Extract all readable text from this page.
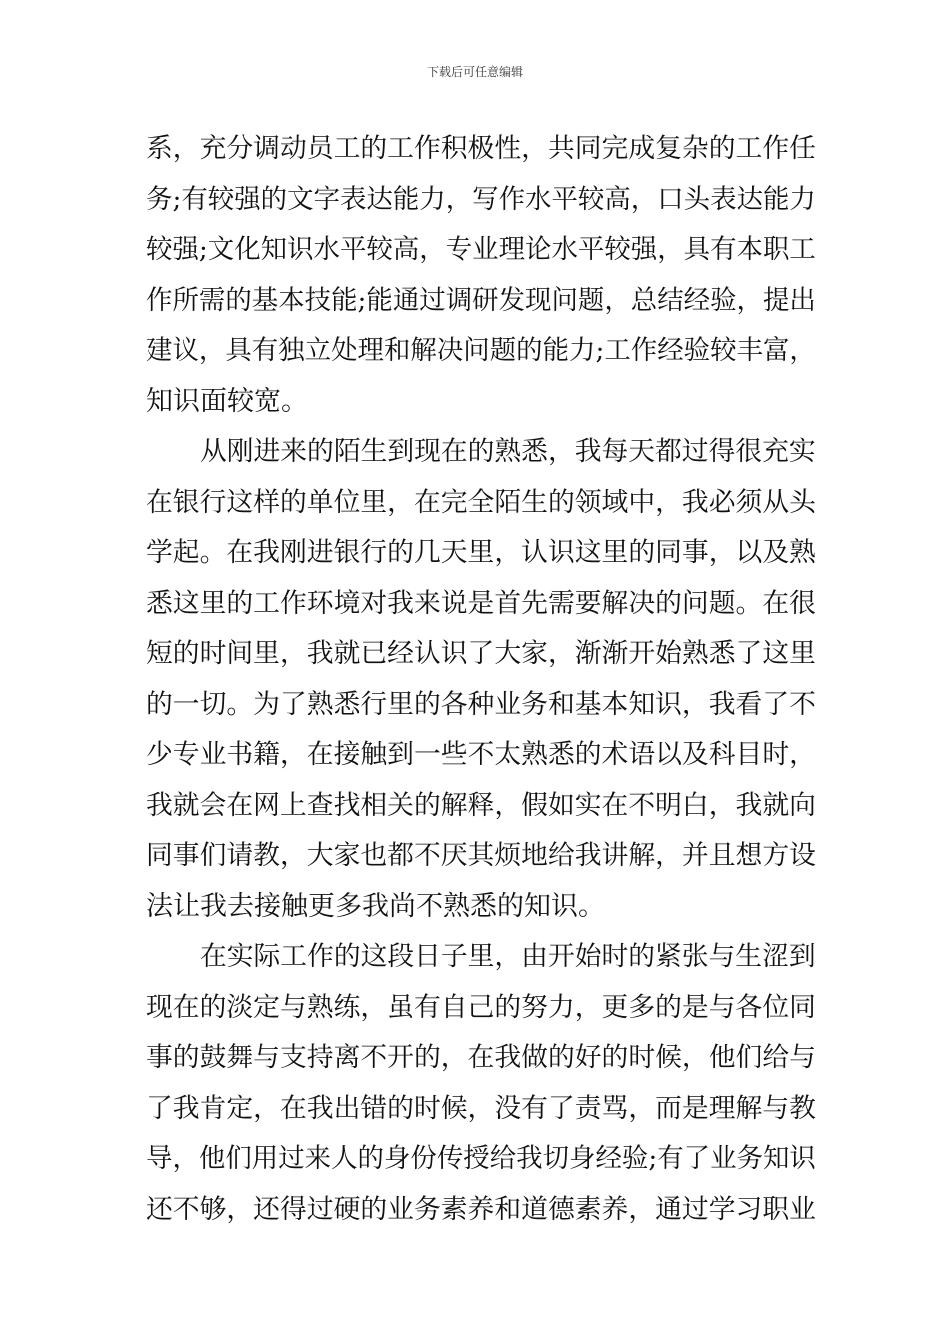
下载后可任意编辑
系，充分调动员工的工作积极性，共同完成复杂的工作任
务;有较强的文字表达能力，写作水平较高，口头表达能力
较强;文化知识水平较高，专业理论水平较强，具有本职工
作所需的基本技能;能通过调研发现问题，总结经验，提出
建议，具有独立处理和解决问题的能力;工作经验较丰富，
知识面较宽。
从刚进来的陌生到现在的熟悉，我每天都过得很充实
在银行这样的单位里，在完全陌生的领域中，我必须从头
学起。在我刚进银行的几天里，认识这里的同事，以及熟
悉这里的工作环境对我来说是首先需要解决的问题。在很
短的时间里，我就已经认识了大家，渐渐开始熟悉了这里
的一切。为了熟悉行里的各种业务和基本知识，我看了不
少专业书籍，在接触到一些不太熟悉的术语以及科目时，
我就会在网上查找相关的解释，假如实在不明白，我就向
同事们请教，大家也都不厌其烦地给我讲解，并且想方设
法让我去接触更多我尚不熟悉的知识。
在实际工作的这段日子里，由开始时的紧张与生涩到
现在的淡定与熟练，虽有自己的努力，更多的是与各位同
事的鼓舞与支持离不开的，在我做的好的时候，他们给与
了我肯定，在我出错的时候，没有了责骂，而是理解与教
导，他们用过来人的身份传授给我切身经验;有了业务知识
还不够，还得过硬的业务素养和道德素养，通过学习职业
